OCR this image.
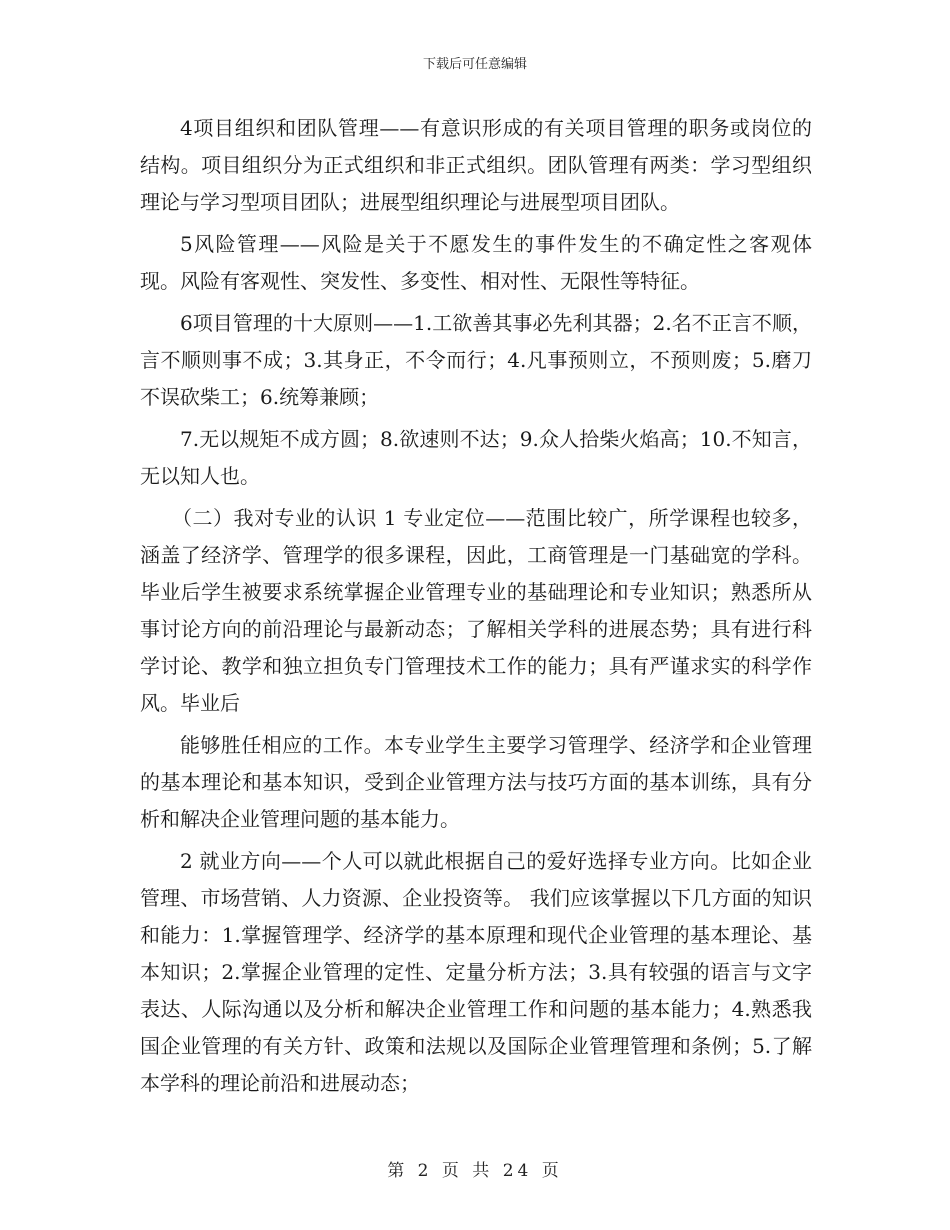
下载后可任意编辑

4项目组织和团队管理——有意识形成的有关项目管理的职务或岗位的结构。项目组织分为正式组织和非正式组织。团队管理有两类：学习型组织理论与学习型项目团队；进展型组织理论与进展型项目团队。

5风险管理——风险是关于不愿发生的事件发生的不确定性之客观体现。风险有客观性、突发性、多变性、相对性、无限性等特征。

6项目管理的十大原则——1.工欲善其事必先利其器；2.名不正言不顺，言不顺则事不成；3.其身正，不令而行；4.凡事预则立，不预则废；5.磨刀不误砍柴工；6.统筹兼顾；

7.无以规矩不成方圆；8.欲速则不达；9.众人拾柴火焰高；10.不知言，无以知人也。

（二）我对专业的认识 1 专业定位——范围比较广，所学课程也较多，涵盖了经济学、管理学的很多课程，因此，工商管理是一门基础宽的学科。毕业后学生被要求系统掌握企业管理专业的基础理论和专业知识；熟悉所从事讨论方向的前沿理论与最新动态；了解相关学科的进展态势；具有进行科学讨论、教学和独立担负专门管理技术工作的能力；具有严谨求实的科学作风。毕业后

能够胜任相应的工作。本专业学生主要学习管理学、经济学和企业管理的基本理论和基本知识，受到企业管理方法与技巧方面的基本训练，具有分析和解决企业管理问题的基本能力。

2 就业方向——个人可以就此根据自己的爱好选择专业方向。比如企业管理、市场营销、人力资源、企业投资等。 我们应该掌握以下几方面的知识和能力：1.掌握管理学、经济学的基本原理和现代企业管理的基本理论、基本知识；2.掌握企业管理的定性、定量分析方法；3.具有较强的语言与文字表达、人际沟通以及分析和解决企业管理工作和问题的基本能力；4.熟悉我国企业管理的有关方针、政策和法规以及国际企业管理管理和条例；5.了解本学科的理论前沿和进展动态；

第 2 页 共 24 页
